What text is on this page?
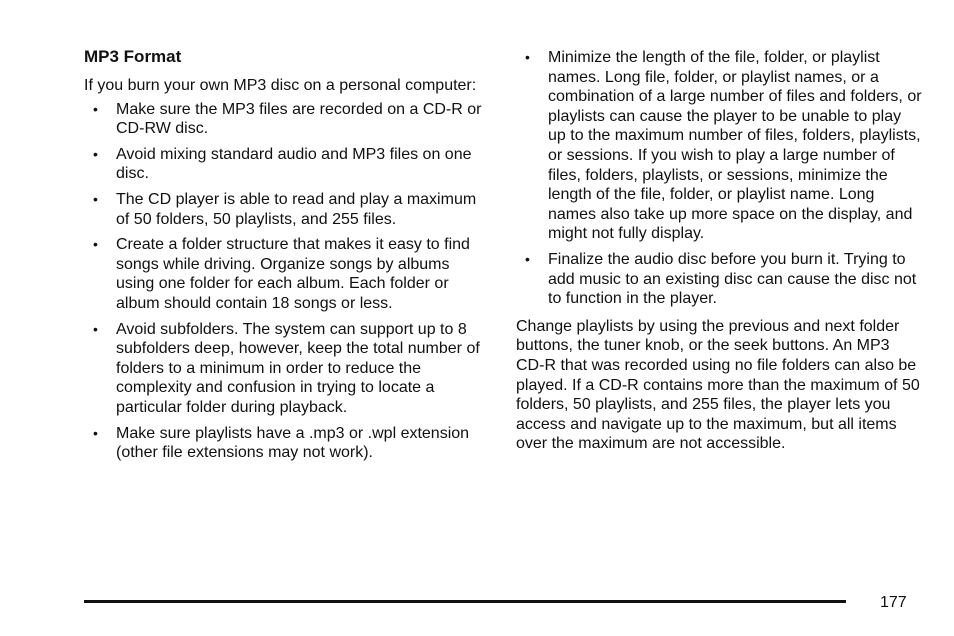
MP3 Format

If you burn your own MP3 disc on a personal computer:

• Make sure the MP3 files are recorded on a CD-R or CD-RW disc.
• Avoid mixing standard audio and MP3 files on one disc.
• The CD player is able to read and play a maximum of 50 folders, 50 playlists, and 255 files.
• Create a folder structure that makes it easy to find songs while driving. Organize songs by albums using one folder for each album. Each folder or album should contain 18 songs or less.
• Avoid subfolders. The system can support up to 8 subfolders deep, however, keep the total number of folders to a minimum in order to reduce the complexity and confusion in trying to locate a particular folder during playback.
• Make sure playlists have a .mp3 or .wpl extension (other file extensions may not work).
• Minimize the length of the file, folder, or playlist names. Long file, folder, or playlist names, or a combination of a large number of files and folders, or playlists can cause the player to be unable to play up to the maximum number of files, folders, playlists, or sessions. If you wish to play a large number of files, folders, playlists, or sessions, minimize the length of the file, folder, or playlist name. Long names also take up more space on the display, and might not fully display.
• Finalize the audio disc before you burn it. Trying to add music to an existing disc can cause the disc not to function in the player.

Change playlists by using the previous and next folder buttons, the tuner knob, or the seek buttons. An MP3 CD-R that was recorded using no file folders can also be played. If a CD-R contains more than the maximum of 50 folders, 50 playlists, and 255 files, the player lets you access and navigate up to the maximum, but all items over the maximum are not accessible.

177
